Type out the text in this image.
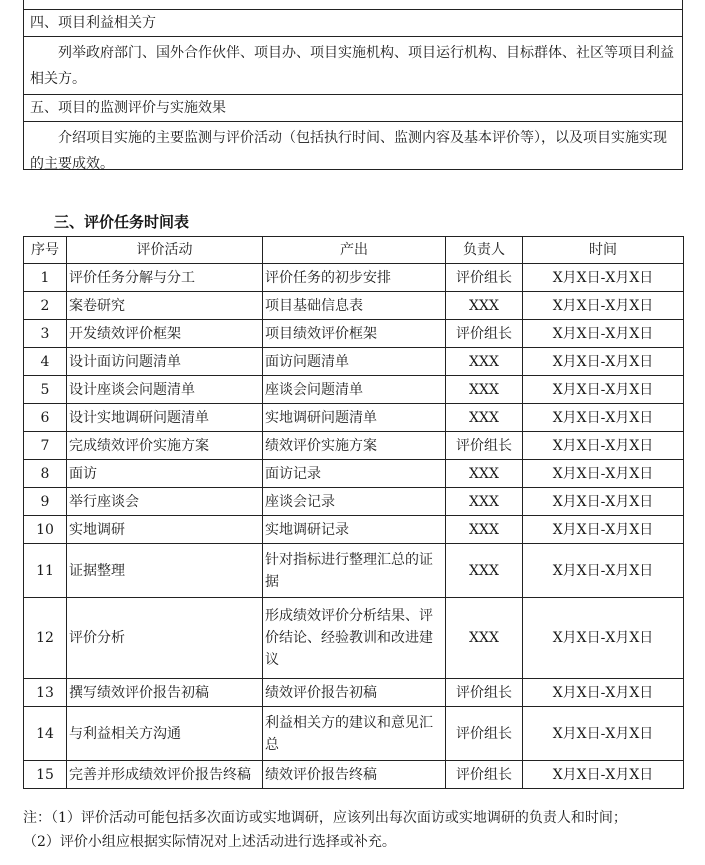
四、项目利益相关方
列举政府部门、国外合作伙伴、项目办、项目实施机构、项目运行机构、目标群体、社区等项目利益相关方。
五、项目的监测评价与实施效果
介绍项目实施的主要监测与评价活动（包括执行时间、监测内容及基本评价等），以及项目实施实现的主要成效。
三、评价任务时间表
序号	评价活动	产出	负责人	时间
1	评价任务分解与分工	评价任务的初步安排	评价组长	X月X日-X月X日
2	案卷研究	项目基础信息表	XXX	X月X日-X月X日
3	开发绩效评价框架	项目绩效评价框架	评价组长	X月X日-X月X日
4	设计面访问题清单	面访问题清单	XXX	X月X日-X月X日
5	设计座谈会问题清单	座谈会问题清单	XXX	X月X日-X月X日
6	设计实地调研问题清单	实地调研问题清单	XXX	X月X日-X月X日
7	完成绩效评价实施方案	绩效评价实施方案	评价组长	X月X日-X月X日
8	面访	面访记录	XXX	X月X日-X月X日
9	举行座谈会	座谈会记录	XXX	X月X日-X月X日
10	实地调研	实地调研记录	XXX	X月X日-X月X日
11	证据整理	针对指标进行整理汇总的证据	XXX	X月X日-X月X日
12	评价分析	形成绩效评价分析结果、评价结论、经验教训和改进建议	XXX	X月X日-X月X日
13	撰写绩效评价报告初稿	绩效评价报告初稿	评价组长	X月X日-X月X日
14	与利益相关方沟通	利益相关方的建议和意见汇总	评价组长	X月X日-X月X日
15	完善并形成绩效评价报告终稿	绩效评价报告终稿	评价组长	X月X日-X月X日
注：（1）评价活动可能包括多次面访或实地调研，应该列出每次面访或实地调研的负责人和时间；
（2）评价小组应根据实际情况对上述活动进行选择或补充。
